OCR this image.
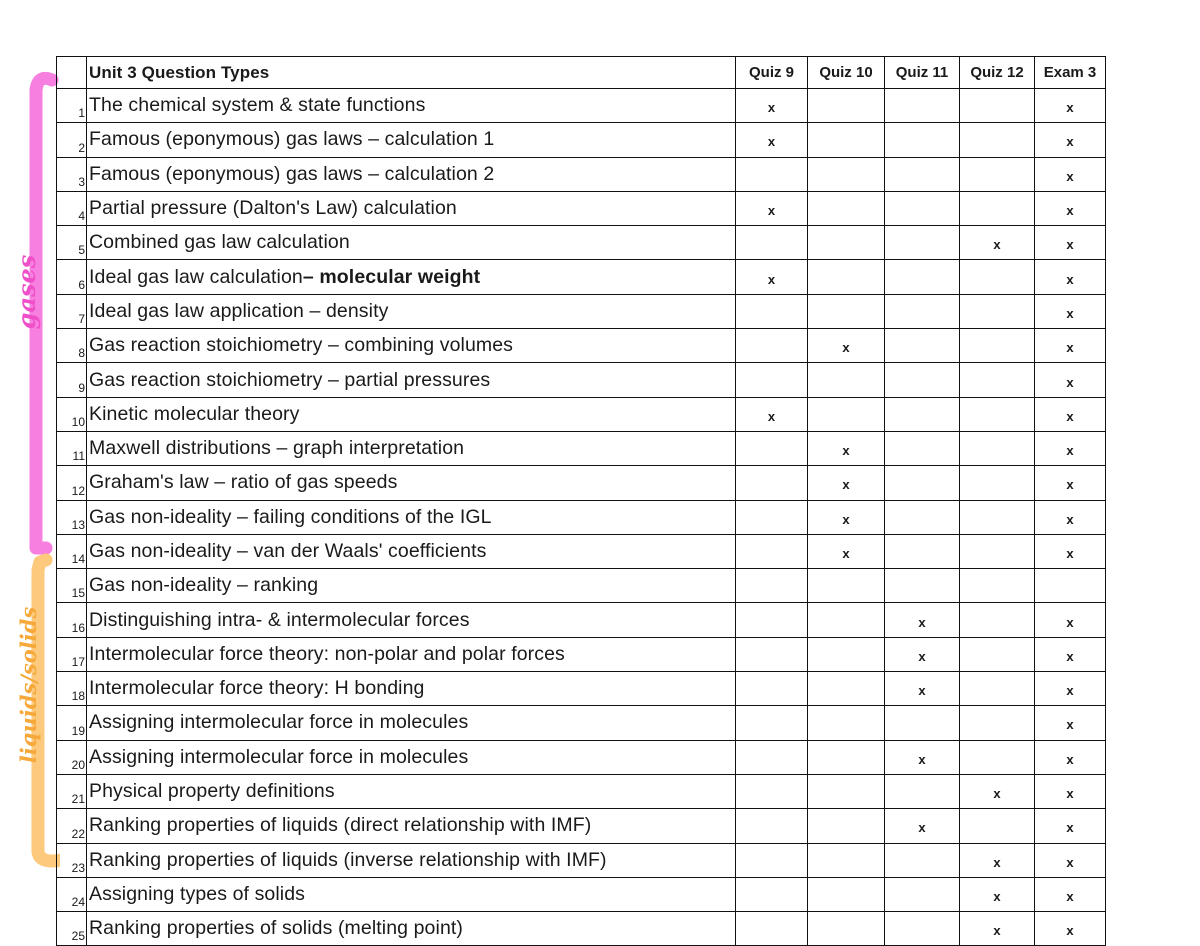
gases
liquids/solids
	Unit 3 Question Types	Quiz 9	Quiz 10	Quiz 11	Quiz 12	Exam 3
1	The chemical system & state functions	x				x
2	Famous (eponymous) gas laws – calculation 1	x				x
3	Famous (eponymous) gas laws – calculation 2					x
4	Partial pressure (Dalton's Law) calculation	x				x
5	Combined gas law calculation				x	x
6	Ideal gas law calculation– molecular weight	x				x
7	Ideal gas law application – density					x
8	Gas reaction stoichiometry – combining volumes		x			x
9	Gas reaction stoichiometry – partial pressures					x
10	Kinetic molecular theory	x				x
11	Maxwell distributions – graph interpretation		x			x
12	Graham's law – ratio of gas speeds		x			x
13	Gas non-ideality – failing conditions of the IGL		x			x
14	Gas non-ideality – van der Waals' coefficients		x			x
15	Gas non-ideality – ranking					
16	Distinguishing intra- & intermolecular forces			x		x
17	Intermolecular force theory: non-polar and polar forces			x		x
18	Intermolecular force theory: H bonding			x		x
19	Assigning intermolecular force in molecules					x
20	Assigning intermolecular force in molecules			x		x
21	Physical property definitions				x	x
22	Ranking properties of liquids (direct relationship with IMF)			x		x
23	Ranking properties of liquids (inverse relationship with IMF)				x	x
24	Assigning types of solids				x	x
25	Ranking properties of solids (melting point)				x	x
